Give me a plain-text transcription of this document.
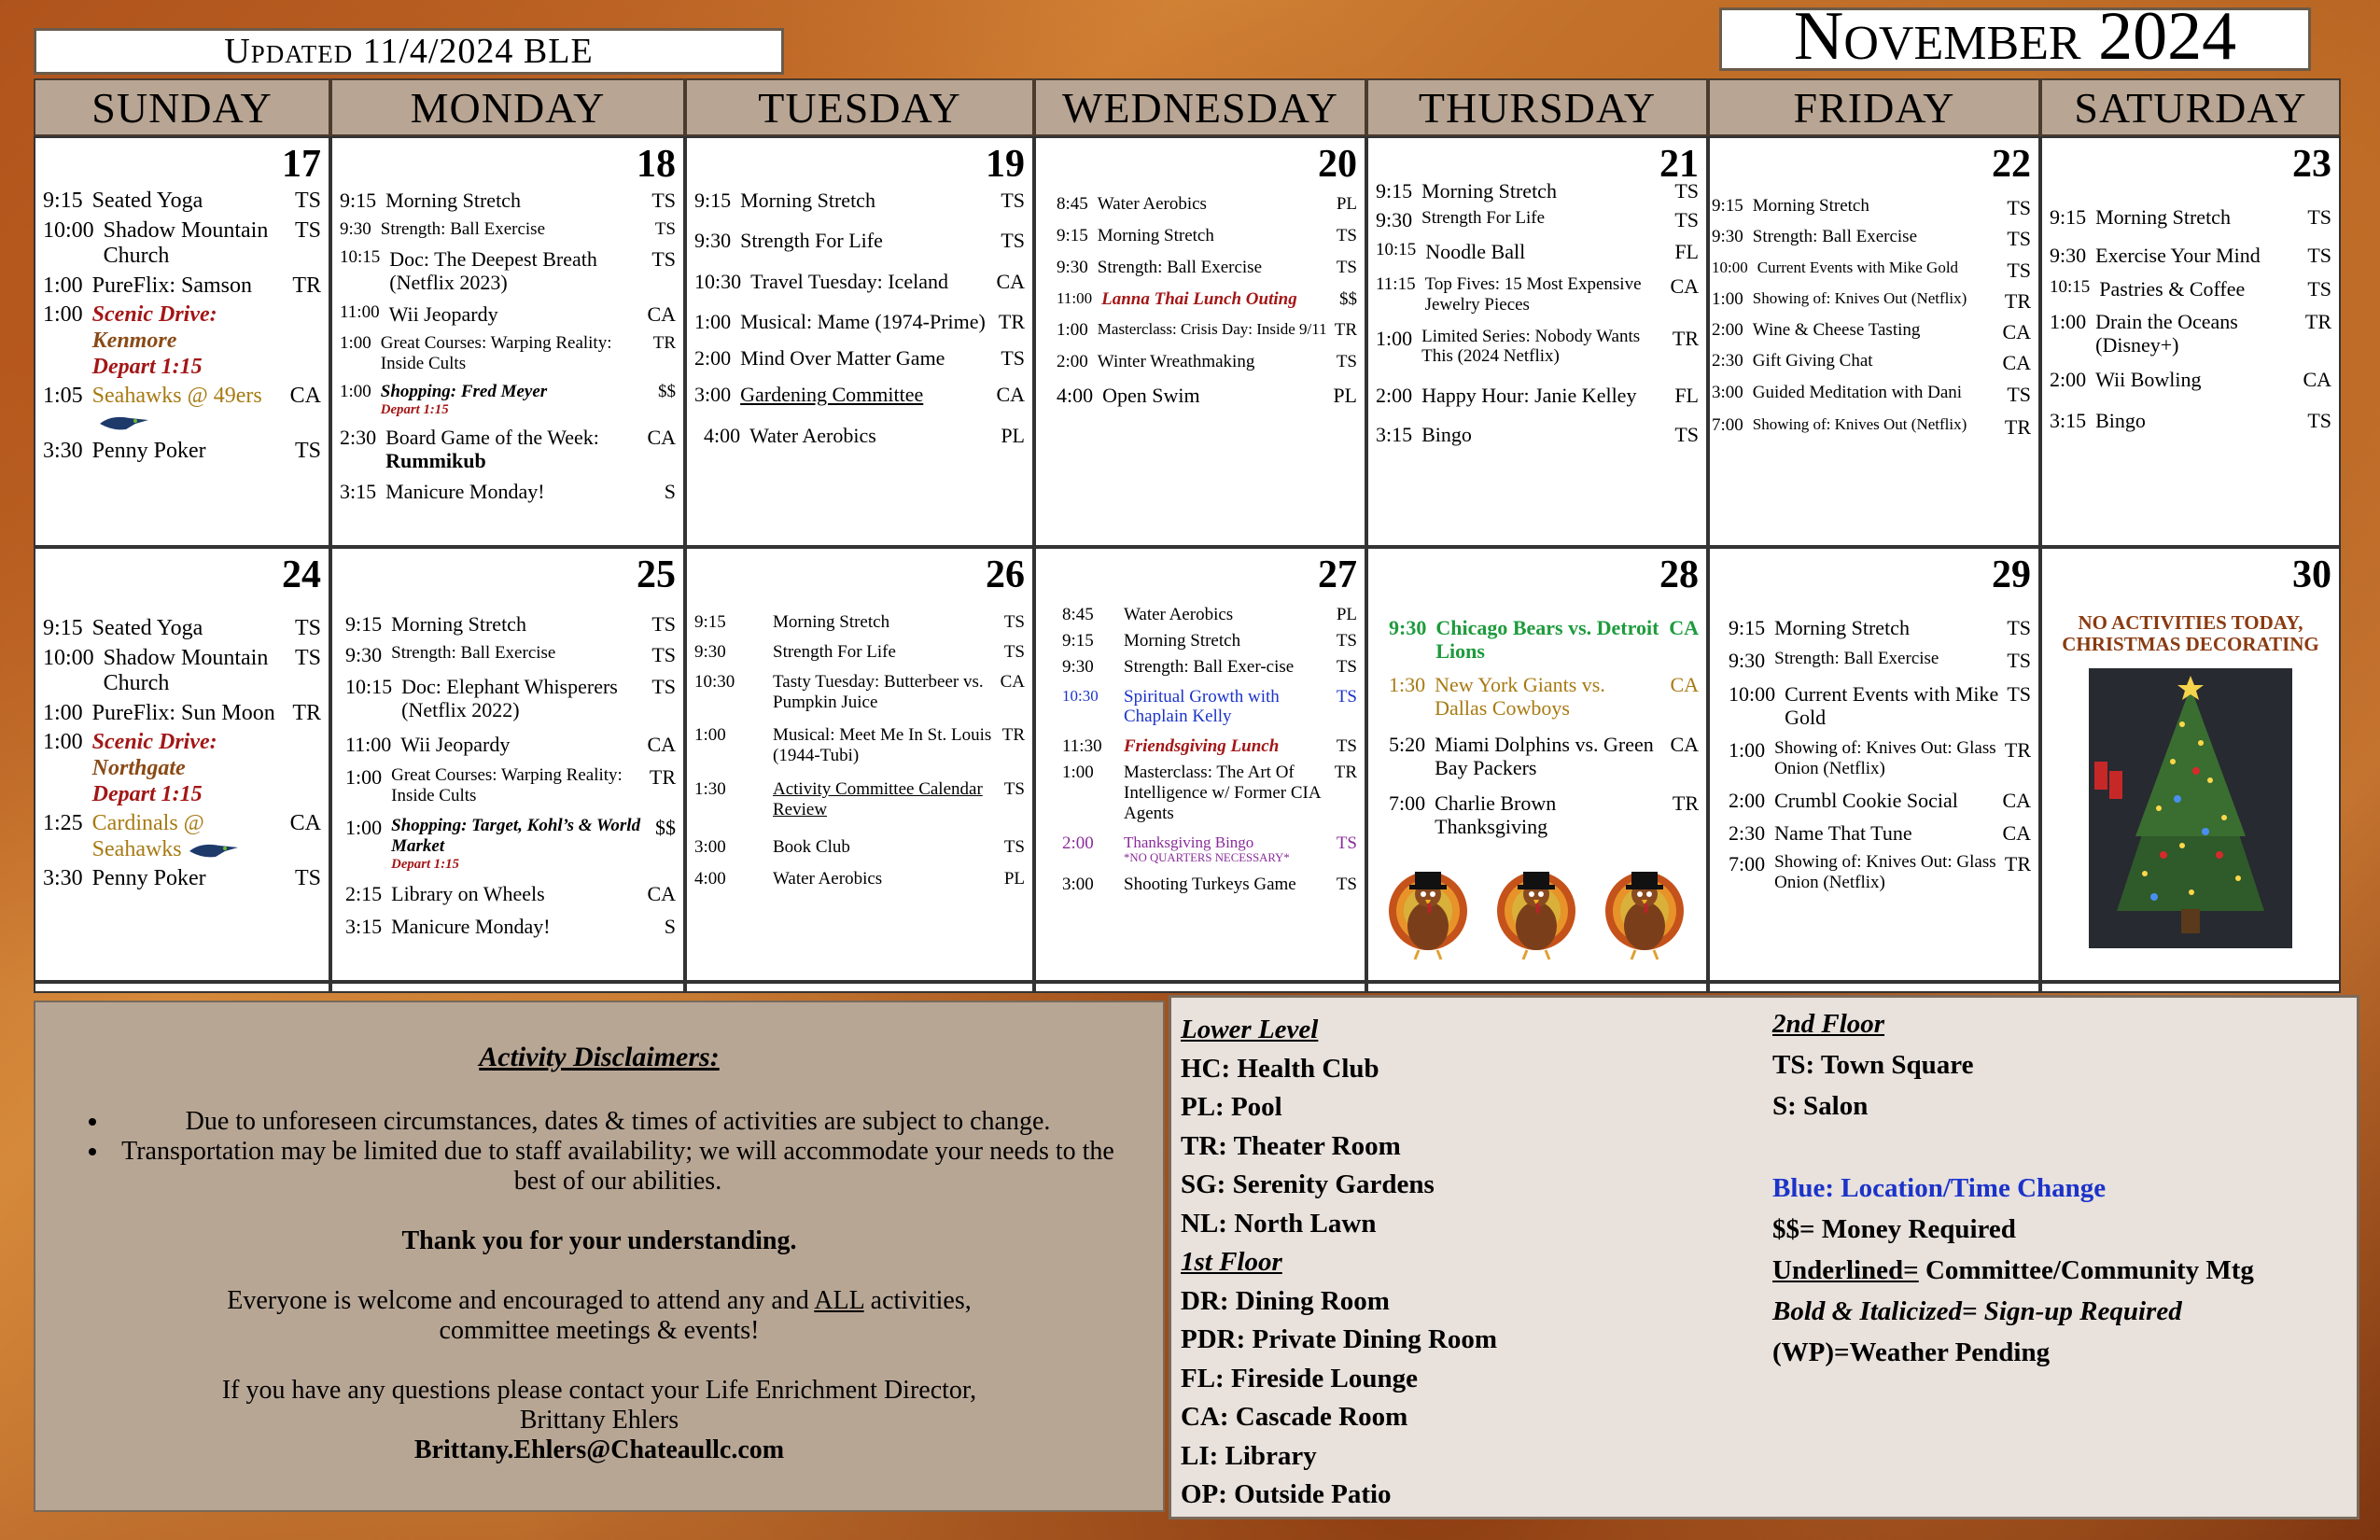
Updated 11/4/2024 BLE	November 2024
SUNDAY	MONDAY	TUESDAY	WEDNESDAY	THURSDAY	FRIDAY	SATURDAY
17
9:15 Seated Yoga	TS
10:00 Shadow Mountain Church
TS
1:00 PureFlix: Samson	TR
1:00 Scenic Drive:
Kenmore
Depart 1:15
1:05 Seahawks @ 49ers	CA
3:30 Penny Poker	TS
18
9:15 Morning Stretch	TS
9:30 Strength: Ball Exercise	TS
10:15 Doc: The Deepest Breath (Netflix 2023)
TS
11:00 Wii Jeopardy	CA
1:00 Great Courses: Warping Reality: Inside Cults
TR
1:00 Shopping: Fred Meyer
Depart 1:15
$$
2:30 Board Game of the Week: Rummikub
CA
3:15 Manicure Monday!	S
19
9:15 Morning Stretch	TS
9:30 Strength For Life	TS
10:30 Travel Tuesday: Iceland	CA
1:00 Musical: Mame (1974-Prime) TR
2:00 Mind Over Matter Game	TS
3:00 Gardening Committee	CA
4:00 Water Aerobics	PL
20
8:45 Water Aerobics	PL
9:15 Morning Stretch	TS
9:30 Strength: Ball Exercise	TS
11:00 Lanna Thai Lunch Outing	$$
1:00 Masterclass: Crisis Day: Inside 9/11 TR
2:00 Winter Wreathmaking	TS
4:00 Open Swim	PL
21
9:15 Morning Stretch	TS
9:30 Strength For Life	TS
10:15 Noodle Ball	FL
11:15 Top Fives: 15 Most Expensive Jewelry Pieces
CA
1:00 Limited Series: Nobody Wants This (2024 Netflix)
TR
2:00 Happy Hour: Janie Kelley	FL
3:15 Bingo	TS
22
9:15 Morning Stretch	TS
9:30 Strength: Ball Exercise	TS
10:00 Current Events with Mike Gold	TS
1:00 Showing of: Knives Out (Netflix)	TR
2:00 Wine & Cheese Tasting	CA
2:30 Gift Giving Chat	CA
3:00 Guided Meditation with Dani	TS
7:00 Showing of: Knives Out (Netflix)	TR
23
9:15 Morning Stretch	TS
9:30 Exercise Your Mind	TS
10:15 Pastries & Coffee	TS
1:00 Drain the Oceans (Disney+)
TR
2:00 Wii Bowling	CA
3:15 Bingo	TS
24
9:15 Seated Yoga	TS
10:00 Shadow Mountain Church
TS
1:00 PureFlix: Sun Moon TR
1:00 Scenic Drive:
Northgate
Depart 1:15
1:25 Cardinals @ Seahawks
CA
3:30 Penny Poker	TS
25
9:15 Morning Stretch	TS
9:30 Strength: Ball Exercise	TS
10:15 Doc: Elephant Whisperers (Netflix 2022)
TS
11:00 Wii Jeopardy	CA
1:00 Great Courses: Warping Reality: Inside Cults
TR
1:00 Shopping: Target, Kohl’s & World Market
Depart 1:15
$$
2:15 Library on Wheels	CA
3:15 Manicure Monday!	S
26
9:15	Morning Stretch	TS
9:30	Strength For Life	TS
10:30	Tasty Tuesday: Butterbeer vs. Pumpkin Juice
CA
1:00	Musical: Meet Me In St. Louis (1944-Tubi)
TR
1:30	Activity Committee Calendar Review
TS
3:00	Book Club	TS
4:00	Water Aerobics	PL
27
8:45	Water Aerobics	PL
9:15	Morning Stretch	TS
9:30	Strength: Ball Exer-cise	TS
10:30	Spiritual Growth with Chaplain Kelly
TS
11:30	Friendsgiving Lunch	TS
1:00	Masterclass: The Art Of Intelligence w/ Former CIA Agents
TR
2:00	Thanksgiving Bingo
*NO QUARTERS NECESSARY*
TS
3:00	Shooting Turkeys Game	TS
28
9:30 Chicago Bears vs. Detroit Lions
CA
1:30 New York Giants vs. Dallas Cowboys
CA
5:20 Miami Dolphins vs. Green Bay Packers
CA
7:00 Charlie Brown Thanksgiving
TR
29
9:15 Morning Stretch	TS
9:30 Strength: Ball Exercise	TS
10:00 Current Events with Mike Gold
TS
1:00 Showing of: Knives Out: Glass Onion (Netflix)
TR
2:00 Crumbl Cookie Social	CA
2:30 Name That Tune	CA
7:00 Showing of: Knives Out: Glass Onion (Netflix)
TR
30
NO ACTIVITIES TODAY, CHRISTMAS DECORATING
Activity Disclaimers:
• Due to unforeseen circumstances, dates & times of activities are subject to change.
• Transportation may be limited due to staff availability; we will accommodate your needs to the best of our abilities.

Thank you for your understanding.

Everyone is welcome and encouraged to attend any and ALL activities,

committee meetings & events!

If you have any questions please contact your Life Enrichment Director,

Brittany Ehlers

Brittany.Ehlers@Chateaullc.com

Lower Level
HC: Health Club
PL: Pool
TR: Theater Room
SG: Serenity Gardens
NL: North Lawn
1st Floor
DR: Dining Room
PDR: Private Dining Room
FL: Fireside Lounge
CA: Cascade Room
LI: Library
OP: Outside Patio
2nd Floor
TS: Town Square
S: Salon
Blue: Location/Time Change
$$= Money Required
Underlined= Committee/Community Mtg
Bold & Italicized= Sign-up Required
(WP)=Weather Pending
